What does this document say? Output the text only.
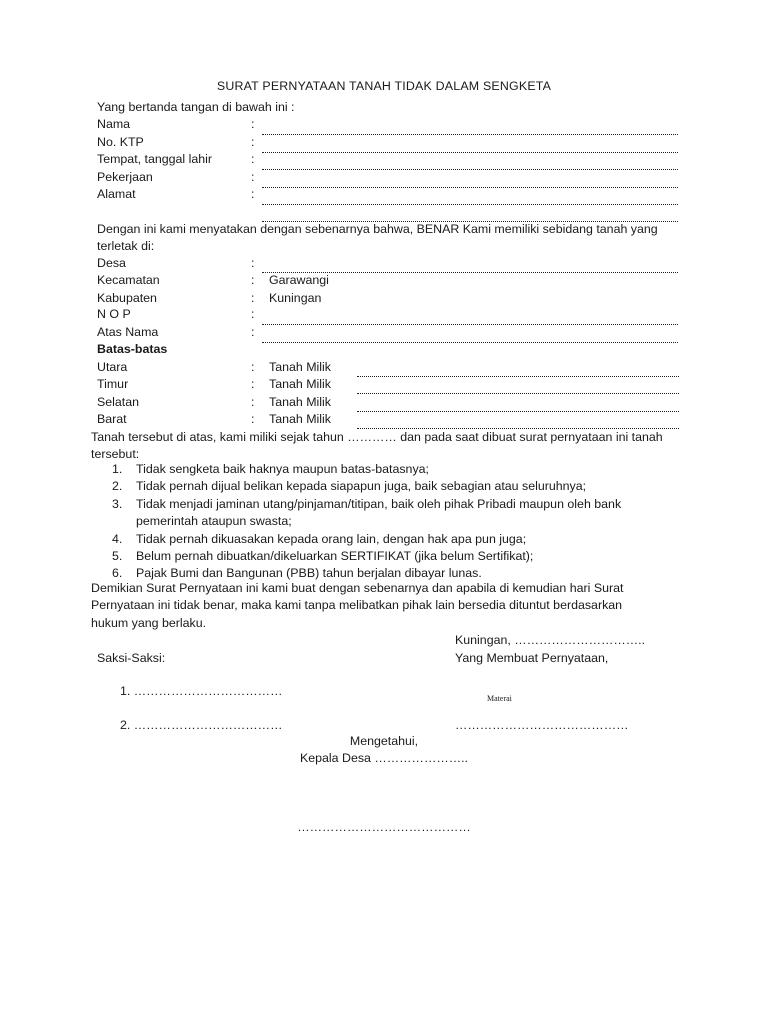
SURAT PERNYATAAN TANAH TIDAK DALAM SENGKETA
Yang bertanda tangan di bawah ini :
Nama	:
No. KTP	:
Tempat, tanggal lahir	:
Pekerjaan	:
Alamat	:
Dengan ini kami menyatakan dengan sebenarnya bahwa, BENAR Kami memiliki sebidang tanah yang terletak di:
Desa	:
Kecamatan	: Garawangi
Kabupaten	: Kuningan
N O P	:
Atas Nama	:
Batas-batas
Utara	: Tanah Milik
Timur	: Tanah Milik
Selatan	: Tanah Milik
Barat	: Tanah Milik
Tanah tersebut di atas, kami miliki sejak tahun ………… dan pada saat dibuat surat pernyataan ini tanah tersebut:
1. Tidak sengketa baik haknya maupun batas-batasnya;
2. Tidak pernah dijual belikan kepada siapapun juga, baik sebagian atau seluruhnya;
3. Tidak menjadi jaminan utang/pinjaman/titipan, baik oleh pihak Pribadi maupun oleh bank pemerintah ataupun swasta;
4. Tidak pernah dikuasakan kepada orang lain, dengan hak apa pun juga;
5. Belum pernah dibuatkan/dikeluarkan SERTIFIKAT (jika belum Sertifikat);
6. Pajak Bumi dan Bangunan (PBB) tahun berjalan dibayar lunas.
Demikian Surat Pernyataan ini kami buat dengan sebenarnya dan apabila di kemudian hari Surat Pernyataan ini tidak benar, maka kami tanpa melibatkan pihak lain bersedia dituntut berdasarkan hukum yang berlaku.
Kuningan, …………………………..
Saksi-Saksi:	Yang Membuat Pernyataan,
1. ………………………………
Materai
2. ………………………………	……………………………………
Mengetahui,
Kepala Desa …………………..
……………………………………
